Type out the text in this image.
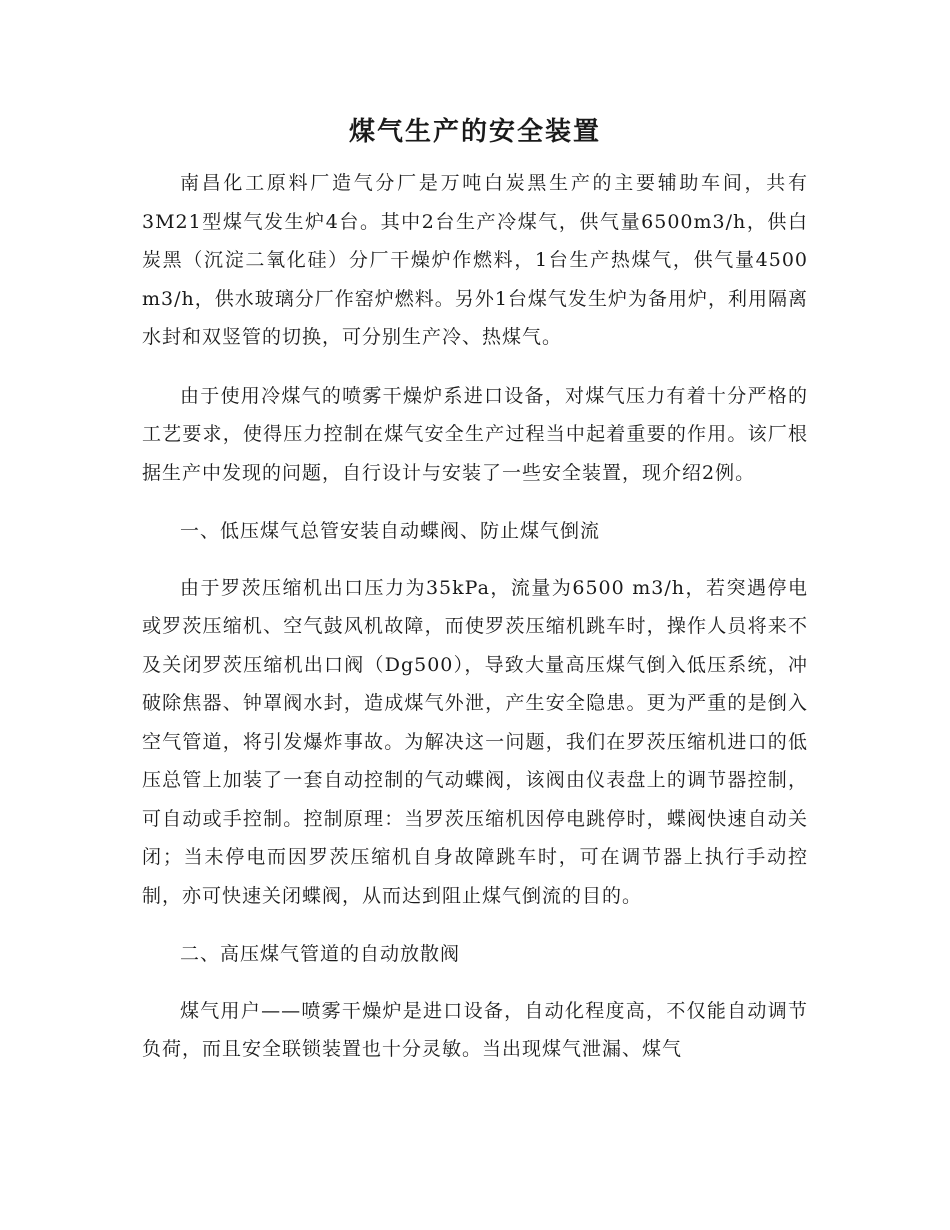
煤气生产的安全装置

南昌化工原料厂造气分厂是万吨白炭黑生产的主要辅助车间，共有3M21型煤气发生炉4台。其中2台生产冷煤气，供气量6500m3/h，供白炭黑（沉淀二氧化硅）分厂干燥炉作燃料，1台生产热煤气，供气量4500 m3/h，供水玻璃分厂作窑炉燃料。另外1台煤气发生炉为备用炉，利用隔离水封和双竖管的切换，可分别生产冷、热煤气。

由于使用冷煤气的喷雾干燥炉系进口设备，对煤气压力有着十分严格的工艺要求，使得压力控制在煤气安全生产过程当中起着重要的作用。该厂根据生产中发现的问题，自行设计与安装了一些安全装置，现介绍2例。

一、低压煤气总管安装自动蝶阀、防止煤气倒流

由于罗茨压缩机出口压力为35kPa，流量为6500 m3/h，若突遇停电或罗茨压缩机、空气鼓风机故障，而使罗茨压缩机跳车时，操作人员将来不及关闭罗茨压缩机出口阀（Dg500），导致大量高压煤气倒入低压系统，冲破除焦器、钟罩阀水封，造成煤气外泄，产生安全隐患。更为严重的是倒入空气管道，将引发爆炸事故。为解决这一问题，我们在罗茨压缩机进口的低压总管上加装了一套自动控制的气动蝶阀，该阀由仪表盘上的调节器控制，可自动或手控制。控制原理：当罗茨压缩机因停电跳停时，蝶阀快速自动关闭；当未停电而因罗茨压缩机自身故障跳车时，可在调节器上执行手动控制，亦可快速关闭蝶阀，从而达到阻止煤气倒流的目的。

二、高压煤气管道的自动放散阀

煤气用户——喷雾干燥炉是进口设备，自动化程度高，不仅能自动调节负荷，而且安全联锁装置也十分灵敏。当出现煤气泄漏、煤气
